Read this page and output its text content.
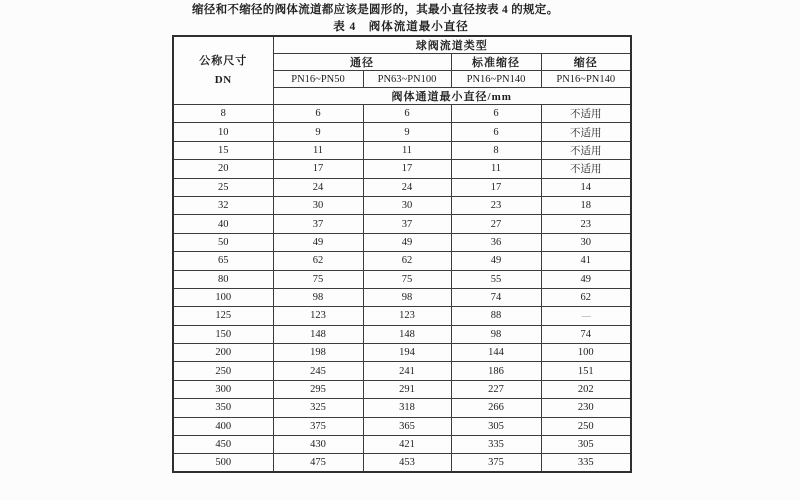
缩径和不缩径的阀体流道都应该是圆形的，其最小直径按表 4 的规定。

表 4　阀体流道最小直径

公称尺寸
DN	球阀流道类型			
	通径		标准缩径	缩径
	PN16~PN50	PN63~PN100	PN16~PN140	PN16~PN140
	阀体通道最小直径/mm			
8	6	6	6	不适用
10	9	9	6	不适用
15	11	11	8	不适用
20	17	17	11	不适用
25	24	24	17	14
32	30	30	23	18
40	37	37	27	23
50	49	49	36	30
65	62	62	49	41
80	75	75	55	49
100	98	98	74	62
125	123	123	88	—
150	148	148	98	74
200	198	194	144	100
250	245	241	186	151
300	295	291	227	202
350	325	318	266	230
400	375	365	305	250
450	430	421	335	305
500	475	453	375	335
